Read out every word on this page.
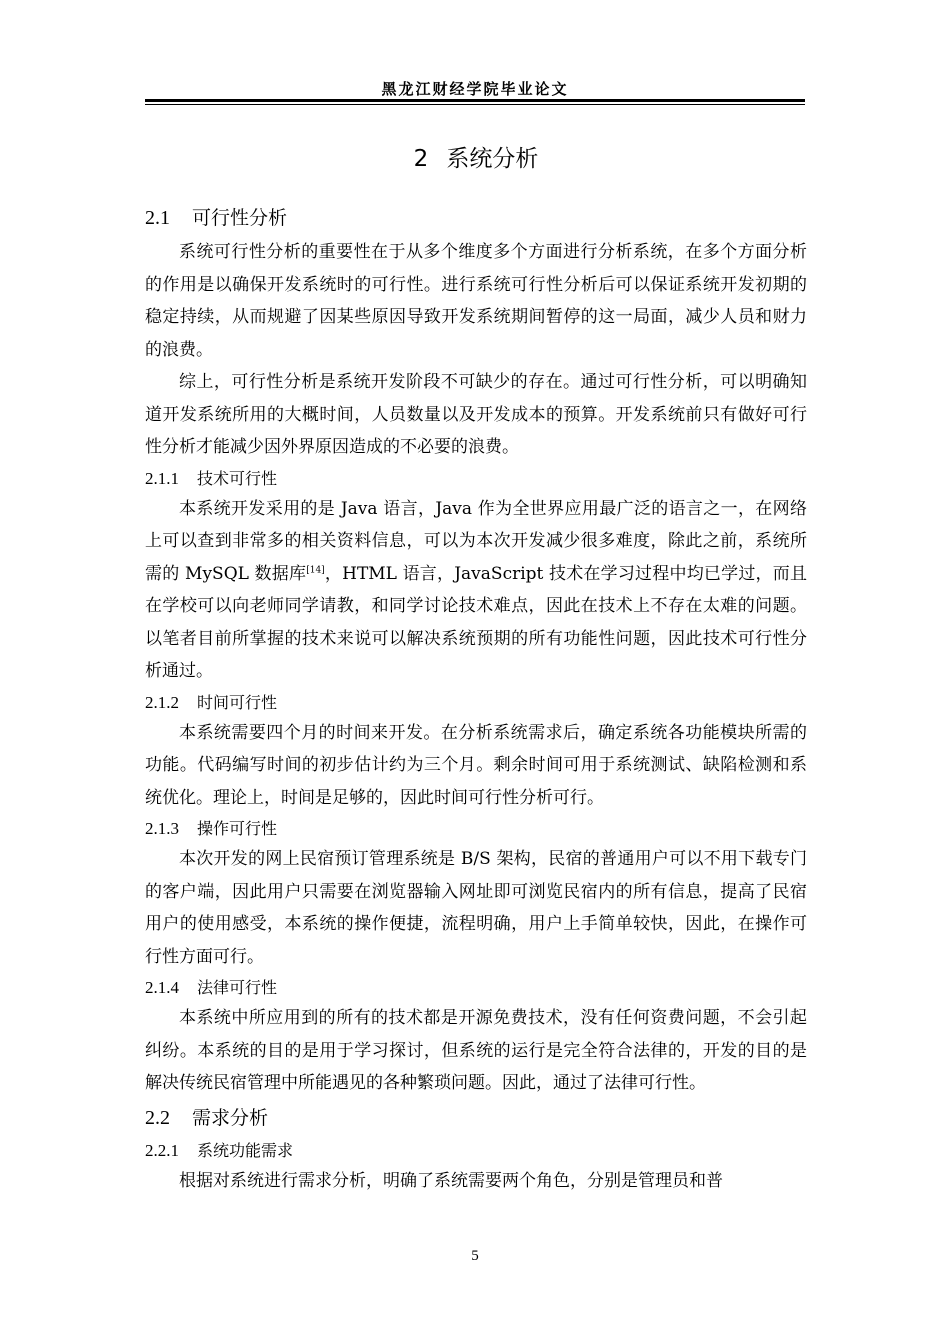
黑龙江财经学院毕业论文
2 系统分析
2.1 可行性分析
系统可行性分析的重要性在于从多个维度多个方面进行分析系统，在多个方面分析的作用是以确保开发系统时的可行性。进行系统可行性分析后可以保证系统开发初期的稳定持续，从而规避了因某些原因导致开发系统期间暂停的这一局面，减少人员和财力的浪费。
综上，可行性分析是系统开发阶段不可缺少的存在。通过可行性分析，可以明确知道开发系统所用的大概时间，人员数量以及开发成本的预算。开发系统前只有做好可行性分析才能减少因外界原因造成的不必要的浪费。
2.1.1 技术可行性
本系统开发采用的是 Java 语言，Java 作为全世界应用最广泛的语言之一，在网络上可以查到非常多的相关资料信息，可以为本次开发减少很多难度，除此之前，系统所需的 MySQL 数据库[14]，HTML 语言，JavaScript 技术在学习过程中均已学过，而且在学校可以向老师同学请教，和同学讨论技术难点，因此在技术上不存在太难的问题。以笔者目前所掌握的技术来说可以解决系统预期的所有功能性问题，因此技术可行性分析通过。
2.1.2 时间可行性
本系统需要四个月的时间来开发。在分析系统需求后，确定系统各功能模块所需的功能。代码编写时间的初步估计约为三个月。剩余时间可用于系统测试、缺陷检测和系统优化。理论上，时间是足够的，因此时间可行性分析可行。
2.1.3 操作可行性
本次开发的网上民宿预订管理系统是 B/S 架构，民宿的普通用户可以不用下载专门的客户端，因此用户只需要在浏览器输入网址即可浏览民宿内的所有信息，提高了民宿用户的使用感受，本系统的操作便捷，流程明确，用户上手简单较快，因此，在操作可行性方面可行。
2.1.4 法律可行性
本系统中所应用到的所有的技术都是开源免费技术，没有任何资费问题，不会引起纠纷。本系统的目的是用于学习探讨，但系统的运行是完全符合法律的，开发的目的是解决传统民宿管理中所能遇见的各种繁琐问题。因此，通过了法律可行性。
2.2 需求分析
2.2.1 系统功能需求
根据对系统进行需求分析，明确了系统需要两个角色，分别是管理员和普
5
